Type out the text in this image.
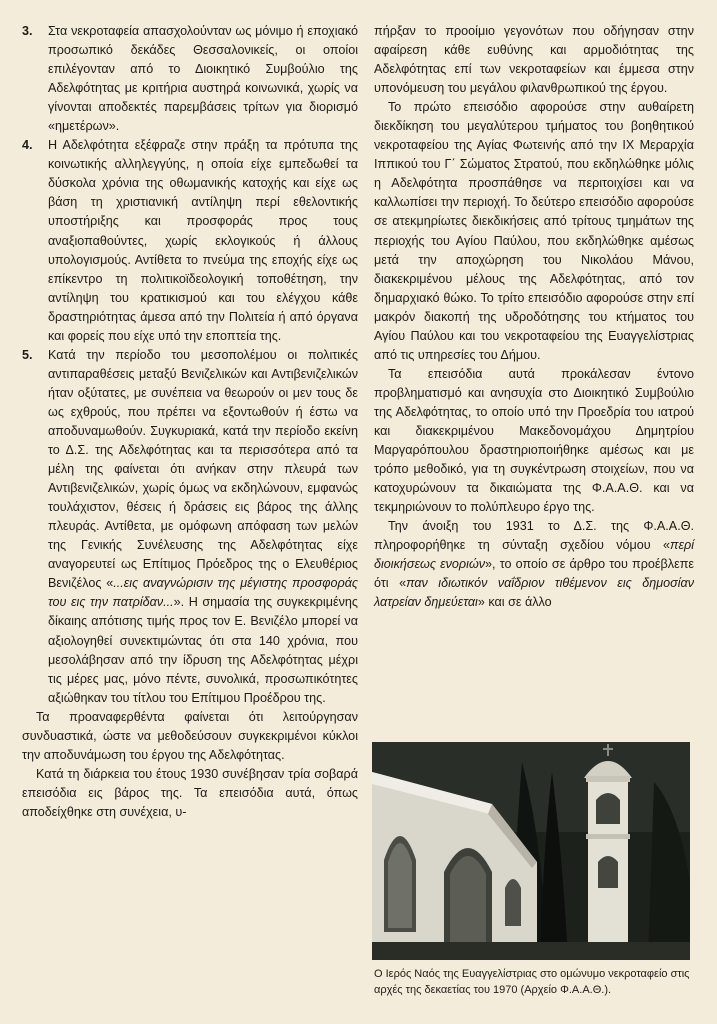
3.	Στα νεκροταφεία απασχολούνταν ως μόνιμο ή εποχιακό προσωπικό δεκάδες Θεσσαλονικείς, οι οποίοι επιλέγονταν από το Διοικητικό Συμβούλιο της Αδελφότητας με κριτήρια αυστηρά κοινωνικά, χωρίς να γίνονται αποδεκτές παρεμβάσεις τρίτων για διορισμό «ημετέρων».

4.	Η Αδελφότητα εξέφραζε στην πράξη τα πρότυπα της κοινωτικής αλληλεγγύης, η οποία είχε εμπεδωθεί τα δύσκολα χρόνια της οθωμανικής κατοχής και είχε ως βάση τη χριστιανική αντίληψη περί εθελοντικής υποστήριξης και προσφοράς προς τους αναξιοπαθούντες, χωρίς εκλογικούς ή άλλους υπολογισμούς. Αντίθετα το πνεύμα της εποχής είχε ως επίκεντρο τη πολιτικοϊδεολογική τοποθέτηση, την αντίληψη του κρατικισμού και του ελέγχου κάθε δραστηριότητας άμεσα από την Πολιτεία ή από όργανα και φορείς που είχε υπό την εποπτεία της.

5.	Κατά την περίοδο του μεσοπολέμου οι πολιτικές αντιπαραθέσεις μεταξύ Βενιζελικών και Αντιβενιζελικών ήταν οξύτατες, με συνέπεια να θεωρούν οι μεν τους δε ως εχθρούς, που πρέπει να εξοντωθούν ή έστω να αποδυναμωθούν. Συγκυριακά, κατά την περίοδο εκείνη το Δ.Σ. της Αδελφότητας και τα περισσότερα από τα μέλη της φαίνεται ότι ανήκαν στην πλευρά των Αντιβενιζελικών, χωρίς όμως να εκδηλώνουν, εμφανώς τουλάχιστον, θέσεις ή δράσεις εις βάρος της άλλης πλευράς. Αντίθετα, με ομόφωνη απόφαση των μελών της Γενικής Συνέλευσης της Αδελφότητας είχε αναγορευτεί ως Επίτιμος Πρόεδρος της ο Ελευθέριος Βενιζέλος «...εις αναγνώρισιν της μέγιστης προσφοράς του εις την πατρίδαν...». Η σημασία της συγκεκριμένης δίκαιης απότισης τιμής προς τον Ε. Βενιζέλο μπορεί να αξιολογηθεί συνεκτιμώντας ότι στα 140 χρόνια, που μεσολάβησαν από την ίδρυση της Αδελφότητας μέχρι τις μέρες μας, μόνο πέντε, συνολικά, προσωπικότητες αξιώθηκαν του τίτλου του Επίτιμου Προέδρου της.

Τα προαναφερθέντα φαίνεται ότι λειτούργησαν συνδυαστικά, ώστε να μεθοδεύσουν συγκεκριμένοι κύκλοι την αποδυνάμωση του έργου της Αδελφότητας.

Κατά τη διάρκεια του έτους 1930 συνέβησαν τρία σοβαρά επεισόδια εις βάρος της. Τα επεισόδια αυτά, όπως αποδείχθηκε στη συνέχεια, υ-

πήρξαν το προοίμιο γεγονότων που οδήγησαν στην αφαίρεση κάθε ευθύνης και αρμοδιότητας της Αδελφότητας επί των νεκροταφείων και έμμεσα στην υπονόμευση του μεγάλου φιλανθρωπικού της έργου.

Το πρώτο επεισόδιο αφορούσε στην αυθαίρετη διεκδίκηση του μεγαλύτερου τμήματος του βοηθητικού νεκροταφείου της Αγίας Φωτεινής από την ΙΧ Μεραρχία Ιππικού του Γ΄ Σώματος Στρατού, που εκδηλώθηκε μόλις η Αδελφότητα προσπάθησε να περιτοιχίσει και να καλλωπίσει την περιοχή. Το δεύτερο επεισόδιο αφορούσε σε ατεκμηρίωτες διεκδικήσεις από τρίτους τμημάτων της περιοχής του Αγίου Παύλου, που εκδηλώθηκε αμέσως μετά την αποχώρηση του Νικολάου Μάνου, διακεκριμένου μέλους της Αδελφότητας, από τον δημαρχιακό θώκο. Το τρίτο επεισόδιο αφορούσε στην επί μακρόν διακοπή της υδροδότησης του κτήματος του Αγίου Παύλου και του νεκροταφείου της Ευαγγελίστριας από τις υπηρεσίες του Δήμου.

Τα επεισόδια αυτά προκάλεσαν έντονο προβληματισμό και ανησυχία στο Διοικητικό Συμβούλιο της Αδελφότητας, το οποίο υπό την Προεδρία του ιατρού και διακεκριμένου Μακεδονομάχου Δημητρίου Μαργαρόπουλου δραστηριοποιήθηκε αμέσως και με τρόπο μεθοδικό, για τη συγκέντρωση στοιχείων, που να κατοχυρώνουν τα δικαιώματα της Φ.Α.Α.Θ. και να τεκμηριώνουν το πολύπλευρο έργο της.

Την άνοιξη του 1931 το Δ.Σ. της Φ.Α.Α.Θ. πληροφορήθηκε τη σύνταξη σχεδίου νόμου «περί διοικήσεως ενοριών», το οποίο σε άρθρο του προέβλεπε ότι «παν ιδιωτικόν ναΐδριον τιθέμενον εις δημοσίαν λατρείαν δημεύεται» και σε άλλο

Ο Ιερός Ναός της Ευαγγελίστριας στο ομώνυμο νεκροταφείο στις αρχές της δεκαετίας του 1970 (Αρχείο Φ.Α.Α.Θ.).
